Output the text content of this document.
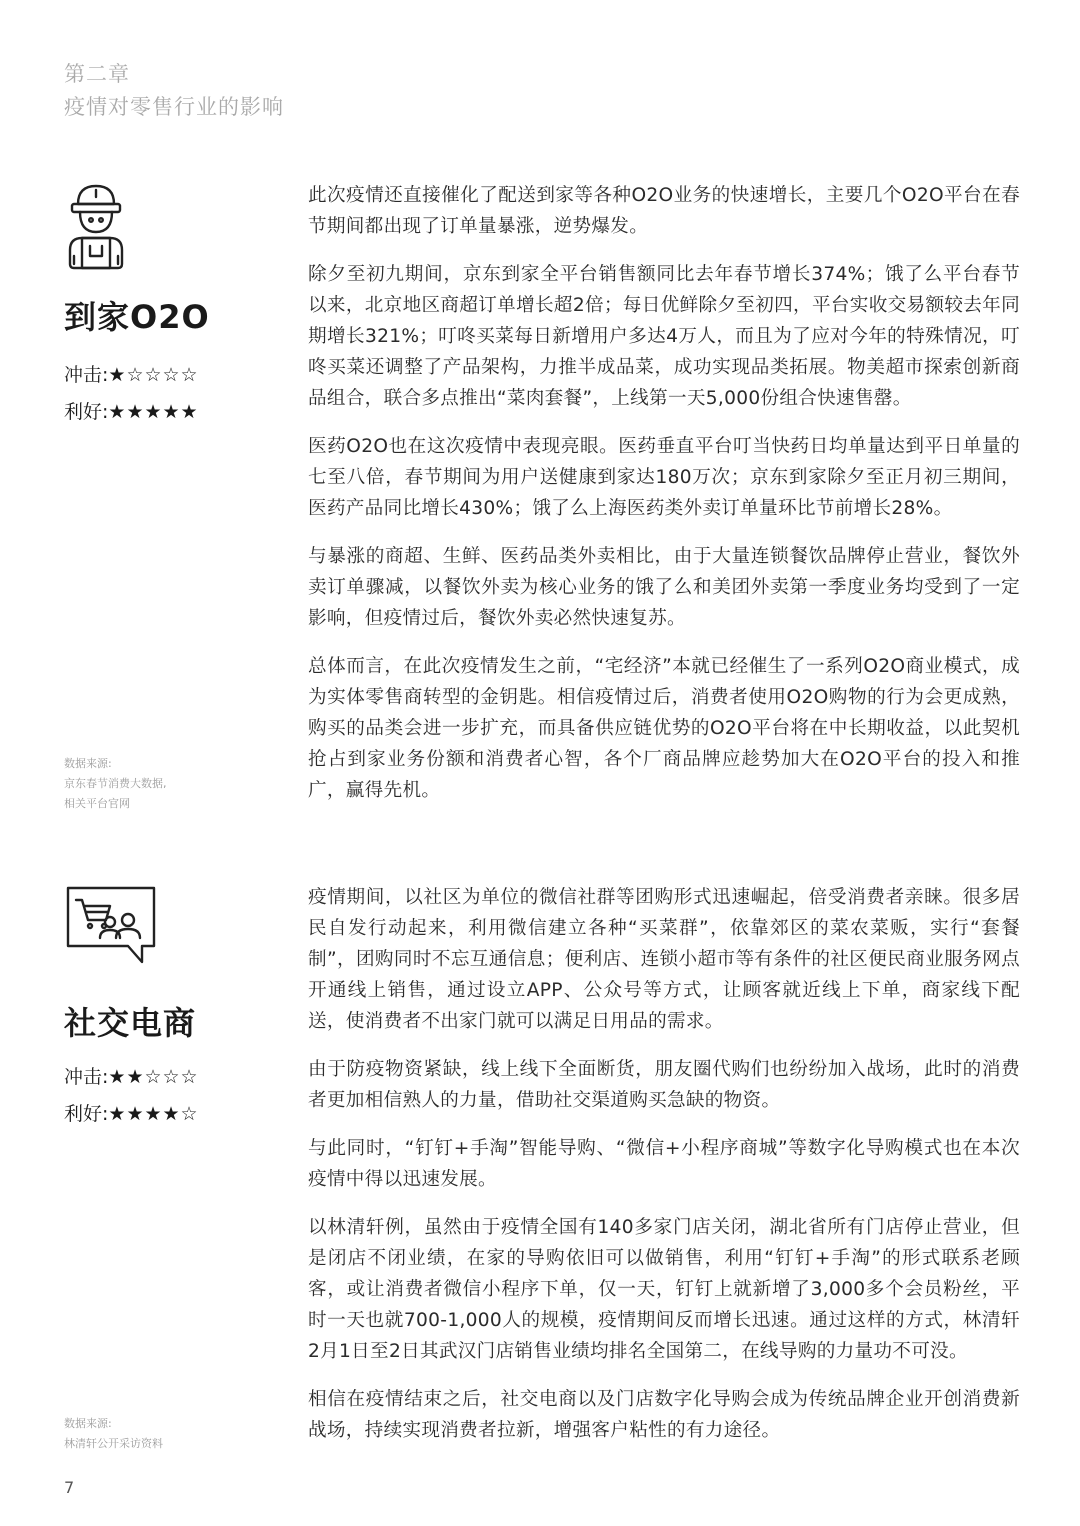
第二章
疫情对零售行业的影响
到家O2O
冲击:★☆☆☆☆
利好:★★★★★
数据来源:
京东春节消费大数据,
相关平台官网

此次疫情还直接催化了配送到家等各种O2O业务的快速增长，主要几个O2O平台在春节期间都出现了订单量暴涨，逆势爆发。

除夕至初九期间，京东到家全平台销售额同比去年春节增长374%；饿了么平台春节以来，北京地区商超订单增长超2倍；每日优鲜除夕至初四，平台实收交易额较去年同期增长321%；叮咚买菜每日新增用户多达4万人，而且为了应对今年的特殊情况，叮咚买菜还调整了产品架构，力推半成品菜，成功实现品类拓展。物美超市探索创新商品组合，联合多点推出“菜肉套餐”，上线第一天5,000份组合快速售罄。

医药O2O也在这次疫情中表现亮眼。医药垂直平台叮当快药日均单量达到平日单量的七至八倍，春节期间为用户送健康到家达180万次；京东到家除夕至正月初三期间，医药产品同比增长430%；饿了么上海医药类外卖订单量环比节前增长28%。

与暴涨的商超、生鲜、医药品类外卖相比，由于大量连锁餐饮品牌停止营业，餐饮外卖订单骤减，以餐饮外卖为核心业务的饿了么和美团外卖第一季度业务均受到了一定影响，但疫情过后，餐饮外卖必然快速复苏。

总体而言，在此次疫情发生之前，“宅经济”本就已经催生了一系列O2O商业模式，成为实体零售商转型的金钥匙。相信疫情过后，消费者使用O2O购物的行为会更成熟，购买的品类会进一步扩充，而具备供应链优势的O2O平台将在中长期收益，以此契机抢占到家业务份额和消费者心智，各个厂商品牌应趁势加大在O2O平台的投入和推广，赢得先机。

社交电商
冲击:★★☆☆☆
利好:★★★★☆
数据来源:
林清轩公开采访资料

疫情期间，以社区为单位的微信社群等团购形式迅速崛起，倍受消费者亲睐。很多居民自发行动起来，利用微信建立各种“买菜群”，依靠郊区的菜农菜贩，实行“套餐制”，团购同时不忘互通信息；便利店、连锁小超市等有条件的社区便民商业服务网点开通线上销售，通过设立APP、公众号等方式，让顾客就近线上下单，商家线下配送，使消费者不出家门就可以满足日用品的需求。

由于防疫物资紧缺，线上线下全面断货，朋友圈代购们也纷纷加入战场，此时的消费者更加相信熟人的力量，借助社交渠道购买急缺的物资。

与此同时，“钉钉+手淘”智能导购、“微信+小程序商城”等数字化导购模式也在本次疫情中得以迅速发展。

以林清轩例，虽然由于疫情全国有140多家门店关闭，湖北省所有门店停止营业，但是闭店不闭业绩，在家的导购依旧可以做销售，利用“钉钉+手淘”的形式联系老顾客，或让消费者微信小程序下单，仅一天，钉钉上就新增了3,000多个会员粉丝，平时一天也就700-1,000人的规模，疫情期间反而增长迅速。通过这样的方式，林清轩2月1日至2日其武汉门店销售业绩均排名全国第二，在线导购的力量功不可没。

相信在疫情结束之后，社交电商以及门店数字化导购会成为传统品牌企业开创消费新战场，持续实现消费者拉新，增强客户粘性的有力途径。

7
